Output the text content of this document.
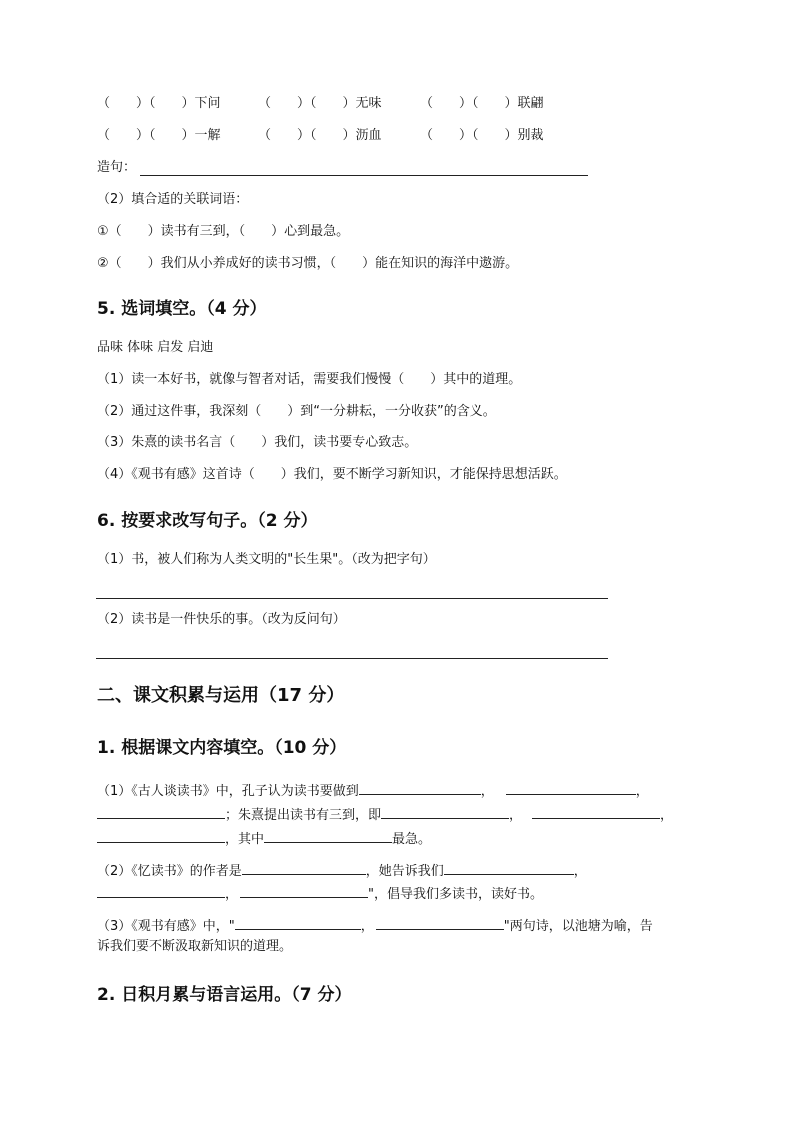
（　　）（　　）下问	（　　）（　　）无味	（　　）（　　）联翩
（　　）（　　）一解	（　　）（　　）沥血	（　　）（　　）别裁
造句：
（2）填合适的关联词语：
①（　　）读书有三到，（　　）心到最急。
②（　　）我们从小养成好的读书习惯，（　　）能在知识的海洋中遨游。
5. 选词填空。（4 分）
品味 体味 启发 启迪
（1）读一本好书，就像与智者对话，需要我们慢慢（　　）其中的道理。
（2）通过这件事，我深刻（　　）到“一分耕耘，一分收获”的含义。
（3）朱熹的读书名言（　　）我们，读书要专心致志。
（4）《观书有感》这首诗（　　）我们，要不断学习新知识，才能保持思想活跃。
6. 按要求改写句子。（2 分）
（1）书，被人们称为人类文明的"长生果"。（改为把字句）
（2）读书是一件快乐的事。（改为反问句）
二、课文积累与运用（17 分）
1. 根据课文内容填空。（10 分）
（1）《古人谈读书》中，孔子认为读书要做到	，	，
；朱熹提出读书有三到，即	，	，
，其中	最急。
（2）《忆读书》的作者是	，她告诉我们	，
，	"，倡导我们多读书，读好书。
（3）《观书有感》中，"	，	"两句诗，以池塘为喻，告
诉我们要不断汲取新知识的道理。
2. 日积月累与语言运用。（7 分）
